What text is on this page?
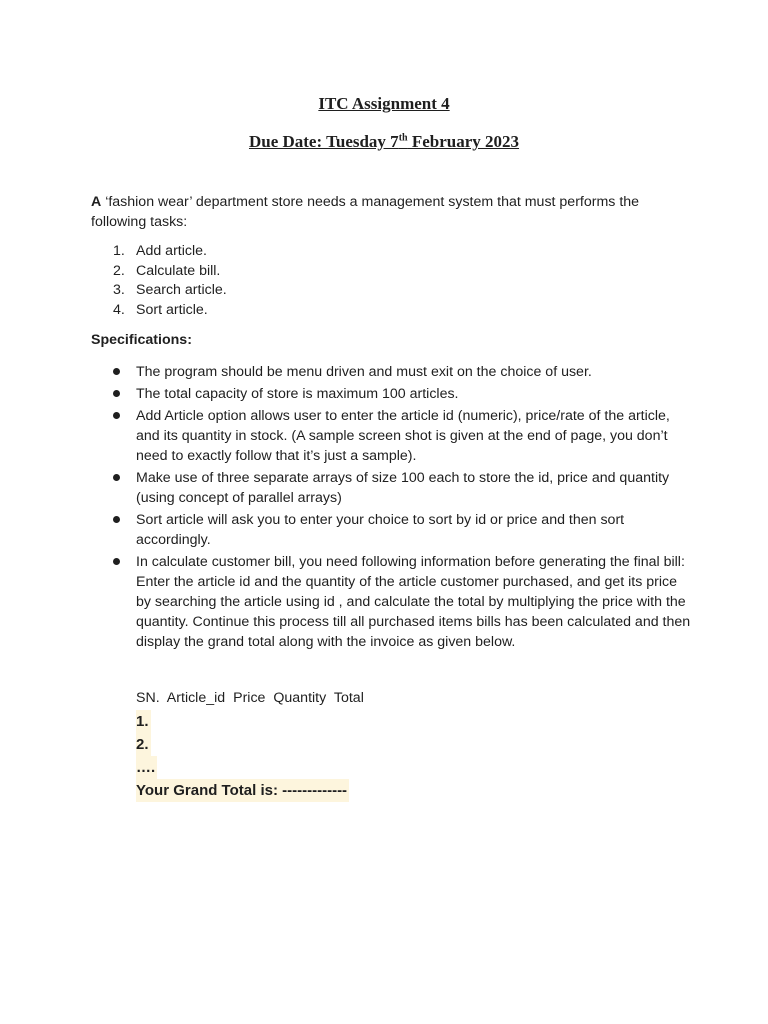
ITC Assignment 4
Due Date: Tuesday 7th February 2023

A ‘fashion wear’ department store needs a management system that must performs the following tasks:

1. Add article.
2. Calculate bill.
3. Search article.
4. Sort article.

Specifications:

The program should be menu driven and must exit on the choice of user.
The total capacity of store is maximum 100 articles.
Add Article option allows user to enter the article id (numeric), price/rate of the article, and its quantity in stock. (A sample screen shot is given at the end of page, you don’t need to exactly follow that it’s just a sample).
Make use of three separate arrays of size 100 each to store the id, price and quantity (using concept of parallel arrays)
Sort article will ask you to enter your choice to sort by id or price and then sort accordingly.
In calculate customer bill, you need following information before generating the final bill:
Enter the article id and the quantity of the article customer purchased, and get its price by searching the article using id , and calculate the total by multiplying the price with the quantity. Continue this process till all purchased items bills has been calculated and then display the grand total along with the invoice as given below.
SN. Article_id Price Quantity Total
1.
2.
….
Your Grand Total is: -------------
